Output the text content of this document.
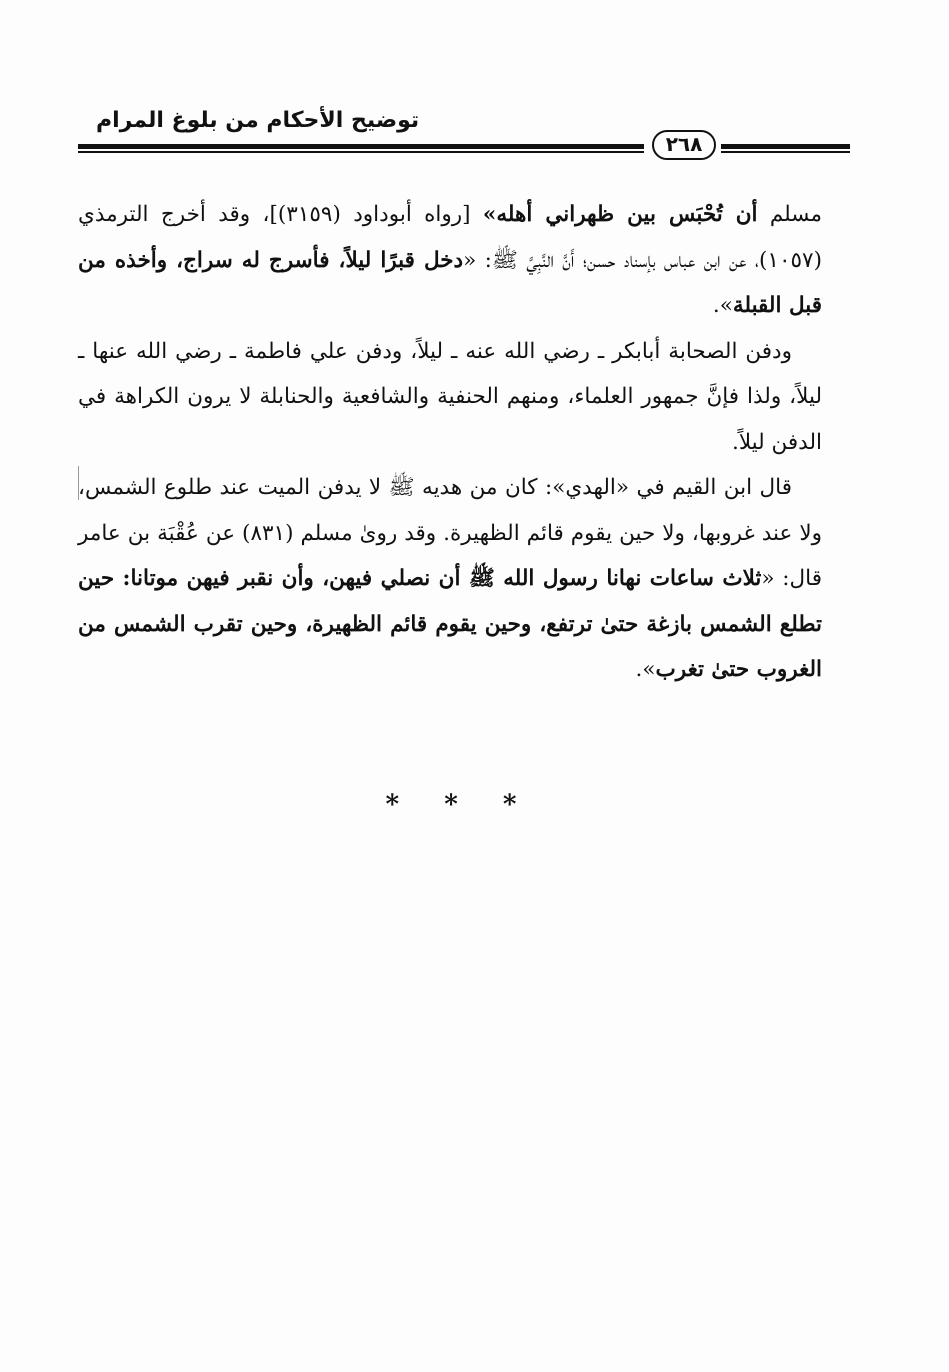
توضيح الأحكام من بلوغ المرام
٢٦٨

مسلم أن تُحْبَس بين ظهراني أهله» [رواه أبوداود (٣١٥٩)]، وقد أخرج الترمذي (١٠٥٧)، عن ابن عباس بإسناد حسن؛ أَنَّ النَّبِيَّ ﷺ: «دخل قبرًا ليلاً، فأسرج له سراج، وأخذه من قبل القبلة».

ودفن الصحابة أبابكر ـ رضي الله عنه ـ ليلاً، ودفن علي فاطمة ـ رضي الله عنها ـ ليلاً، ولذا فإنَّ جمهور العلماء، ومنهم الحنفية والشافعية والحنابلة لا يرون الكراهة في الدفن ليلاً.

قال ابن القيم في «الهدي»: كان من هديه ﷺ لا يدفن الميت عند طلوع الشمس، ولا عند غروبها، ولا حين يقوم قائم الظهيرة. وقد روىٰ مسلم (٨٣١) عن عُقْبَة بن عامر قال: «ثلاث ساعات نهانا رسول الله ﷺ أن نصلي فيهن، وأن نقبر فيهن موتانا: حين تطلع الشمس بازغة حتىٰ ترتفع، وحين يقوم قائم الظهيرة، وحين تقرب الشمس من الغروب حتىٰ تغرب».

* * *
